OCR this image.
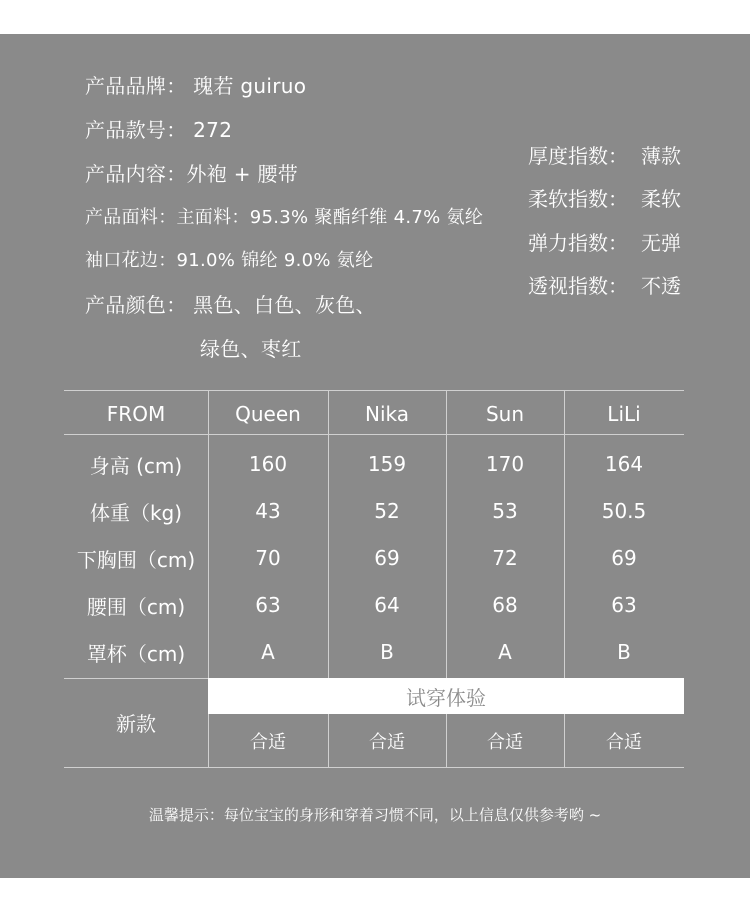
产品品牌： 瑰若 guiruo
产品款号： 272
产品内容：外袍 + 腰带
产品面料：主面料：95.3% 聚酯纤维 4.7% 氨纶
袖口花边：91.0% 锦纶 9.0% 氨纶
产品颜色： 黑色、白色、灰色、
绿色、枣红
厚度指数： 薄款
柔软指数： 柔软
弹力指数： 无弹
透视指数： 不透
FROM	Queen	Nika	Sun	LiLi
身高 (cm)	160	159	170	164
体重（kg)	43	52	53	50.5
下胸围（cm)	70	69	72	69
腰围（cm)	63	64	68	63
罩杯（cm)	A	B	A	B
新款
试穿体验
合适	合适	合适	合适
温馨提示：每位宝宝的身形和穿着习惯不同，以上信息仅供参考哟 ~
